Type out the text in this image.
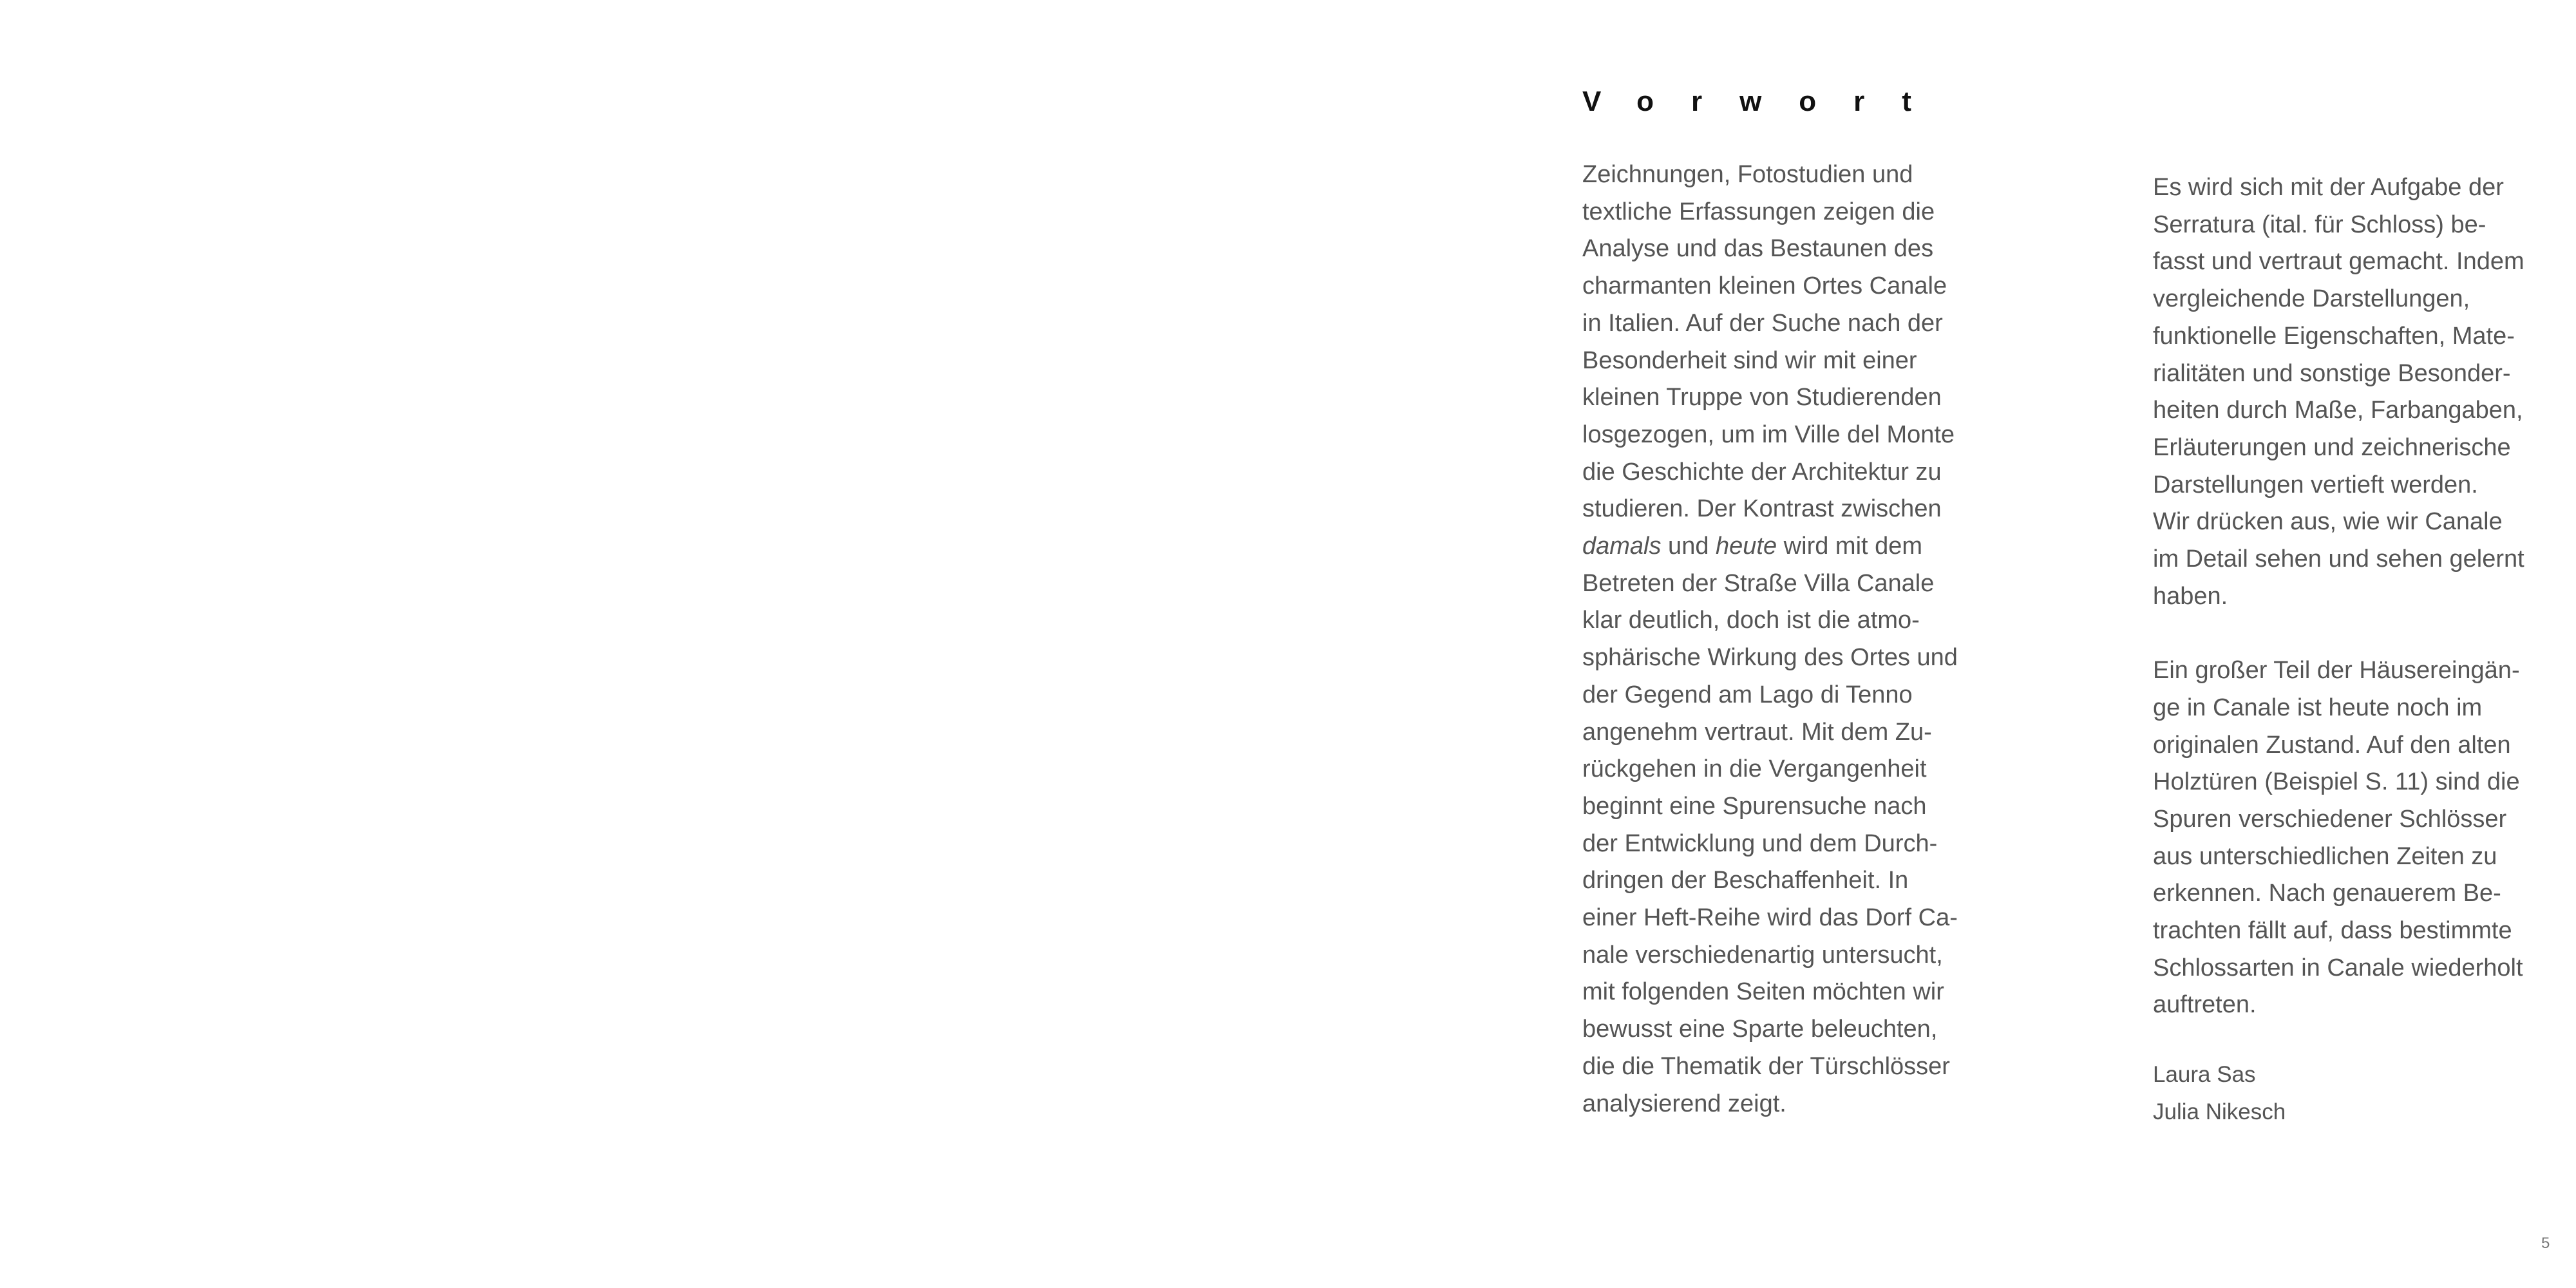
Vorwort
Zeichnungen, Fotostudien und
textliche Erfassungen zeigen die
Analyse und das Bestaunen des
charmanten kleinen Ortes Canale
in Italien. Auf der Suche nach der
Besonderheit sind wir mit einer
kleinen Truppe von Studierenden
losgezogen, um im Ville del Monte
die Geschichte der Architektur zu
studieren. Der Kontrast zwischen
damals und heute wird mit dem
Betreten der Straße Villa Canale
klar deutlich, doch ist die atmo-
sphärische Wirkung des Ortes und
der Gegend am Lago di Tenno
angenehm vertraut. Mit dem Zu-
rückgehen in die Vergangenheit
beginnt eine Spurensuche nach
der Entwicklung und dem Durch-
dringen der Beschaffenheit. In
einer Heft-Reihe wird das Dorf Ca-
nale verschiedenartig untersucht,
mit folgenden Seiten möchten wir
bewusst eine Sparte beleuchten,
die die Thematik der Türschlösser
analysierend zeigt.
Es wird sich mit der Aufgabe der
Serratura (ital. für Schloss) be-
fasst und vertraut gemacht. Indem
vergleichende Darstellungen,
funktionelle Eigenschaften, Mate-
rialitäten und sonstige Besonder-
heiten durch Maße, Farbangaben,
Erläuterungen und zeichnerische
Darstellungen vertieft werden.
Wir drücken aus, wie wir Canale
im Detail sehen und sehen gelernt
haben.
Ein großer Teil der Häusereingän-
ge in Canale ist heute noch im
originalen Zustand. Auf den alten
Holztüren (Beispiel S. 11) sind die
Spuren verschiedener Schlösser
aus unterschiedlichen Zeiten zu
erkennen. Nach genauerem Be-
trachten fällt auf, dass bestimmte
Schlossarten in Canale wiederholt
auftreten.
Laura Sas
Julia Nikesch
5
